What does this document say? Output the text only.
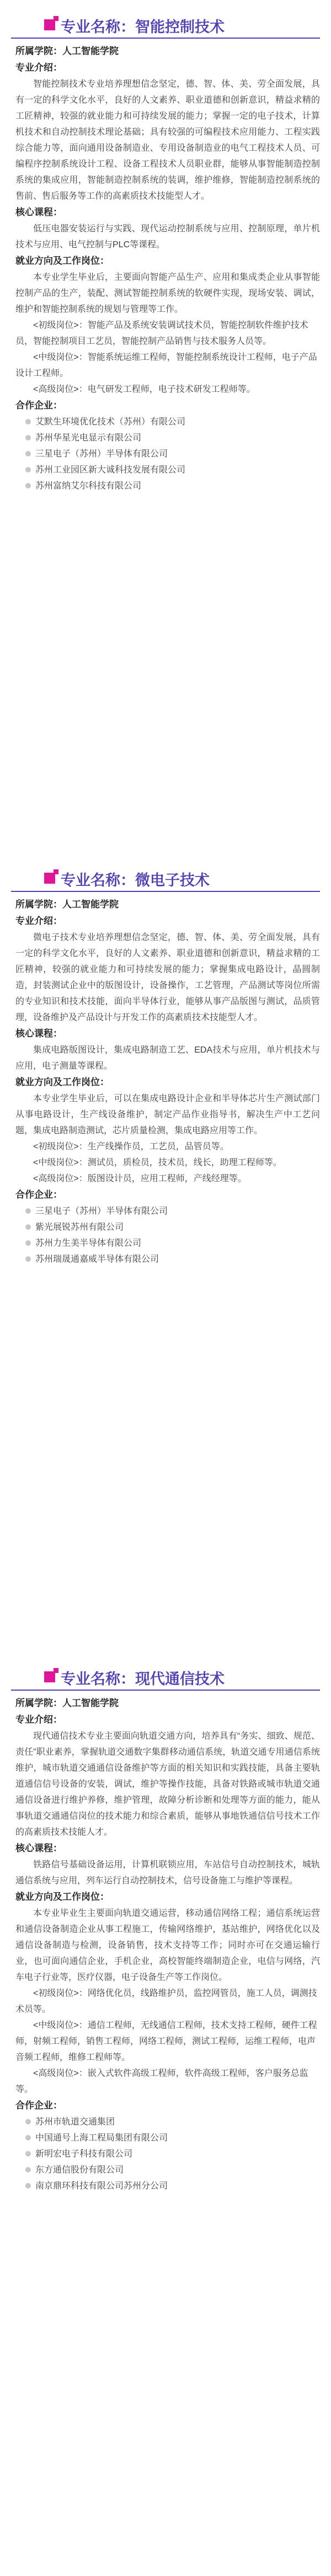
专业名称：智能控制技术

所属学院：人工智能学院

专业介绍：

智能控制技术专业培养理想信念坚定，德、智、体、美、劳全面发展，具有一定的科学文化水平，良好的人文素养、职业道德和创新意识，精益求精的工匠精神，较强的就业能力和可持续发展的能力；掌握一定的电子技术，计算机技术和自动控制技术理论基础；具有较强的可编程技术应用能力、工程实践综合能力等，面向通用设备制造业、专用设备制造业的电气工程技术人员、可编程序控制系统设计工程、设备工程技术人员职业群，能够从事智能制造控制系统的集成应用，智能制造控制系统的装调，维护维修，智能制造控制系统的售前、售后服务等工作的高素质技术技能型人才。

核心课程：

低压电器安装运行与实践、现代运动控制系统与应用、控制原理，单片机技术与应用、电气控制与PLC等课程。

就业方向及工作岗位：

本专业学生毕业后，主要面向智能产品生产、应用和集成类企业从事智能控制产品的生产，装配、测试智能控制系统的软硬件实现，现场安装、调试，维护和智能控制系统的规划与管理等工作。

<初级岗位>：智能产品及系统安装调试技术员，智能控制软件维护技术员，智能控制项目工艺员，智能控制产品销售与技术服务人员等。

<中级岗位>：智能系统运维工程师，智能控制系统设计工程师，电子产品设计工程师。

<高级岗位>：电气研发工程师，电子技术研发工程师等。

合作企业：

艾默生环境优化技术（苏州）有限公司

苏州华星光电显示有限公司

三星电子（苏州）半导体有限公司

苏州工业园区新大诚科技发展有限公司

苏州富纳艾尔科技有限公司

专业名称：微电子技术

所属学院：人工智能学院

专业介绍：

微电子技术专业培养理想信念坚定，德、智、体、美、劳全面发展，具有一定的科学文化水平，良好的人文素养、职业道德和创新意识，精益求精的工匠精神，较强的就业能力和可持续发展的能力；掌握集成电路设计，晶圆制造，封装测试企业中的版图设计，设备操作，工艺管理，产品测试等岗位所需的专业知识和技术技能，面向半导体行业，能够从事产品版图与测试，品质管理，设备维护及产品设计与开发工作的高素质技术技能型人才。

核心课程：

集成电路版图设计，集成电路制造工艺、EDA技术与应用，单片机技术与应用，电子测量等课程。

就业方向及工作岗位：

本专业学生毕业后，可以在集成电路设计企业和半导体芯片生产测试部门从事电路设计，生产线设备维护，制定产品作业指导书，解决生产中工艺问题，集成电路制造测试，芯片质量检测，集成电路应用等工作。

<初级岗位>：生产线操作员，工艺员，品管员等。

<中级岗位>：测试员，质检员，技术员，线长，助理工程师等。

<高级岗位>：版图设计员，应用工程师，产线经理等。

合作企业：

三星电子（苏州）半导体有限公司

紫光展锐苏州有限公司

苏州力生美半导体有限公司

苏州瑞晟通嘉威半导体有限公司

专业名称：现代通信技术

所属学院：人工智能学院

专业介绍：

现代通信技术专业主要面向轨道交通方向，培养具有“务实、细致、规范、责任”职业素养，掌握轨道交通数字集群移动通信系统，轨道交通专用通信系统维护，城市轨道交通通信设备维护等方面的相关知识和实践技能，具备主要轨道通信信号设备的安装，调试，维护等操作技能，具备对铁路或城市轨道交通通信设备进行维护养修，维护管理，故障分析诊断和处理等方面的能力，能从事轨道交通通信岗位的技术能力和综合素质，能够从事地铁通信信号技术工作的高素质技术技能人才。

核心课程：

铁路信号基础设备运用，计算机联锁应用，车站信号自动控制技术，城轨通信系统与应用，列车运行自动控制技术，信号设备施工与维护等课程。

就业方向及工作岗位：

本专业毕业生主要面向轨道交通运营，移动通信网络工程；通信系统运营和通信设备制造企业从事工程施工，传输网络维护，基站维护，网络优化以及通信设备制造与检测，设备销售，技术支持等工作；同时亦可在交通运输行业，也可面向通信企业，手机企业，高校智能终端制造企业，电信与网络，汽车电子行业等，医疗仪器，电子设备生产等工作岗位。

<初级岗位>：网络优化员，线路维护员，监控网管员，施工人员，调测技术员等。

<中级岗位>：通信工程师，无线通信工程师，技术支持工程师，硬件工程师，射频工程师，销售工程师，网络工程师，测试工程师，运维工程师，电声音频工程师，维修工程师等。

<高级岗位>：嵌入式软件高级工程师，软件高级工程师，客户服务总监等。

合作企业：

苏州市轨道交通集团

中国通号上海工程局集团有限公司

新明宏电子科技有限公司

东方通信股份有限公司

南京鼎环科技有限公司苏州分公司
